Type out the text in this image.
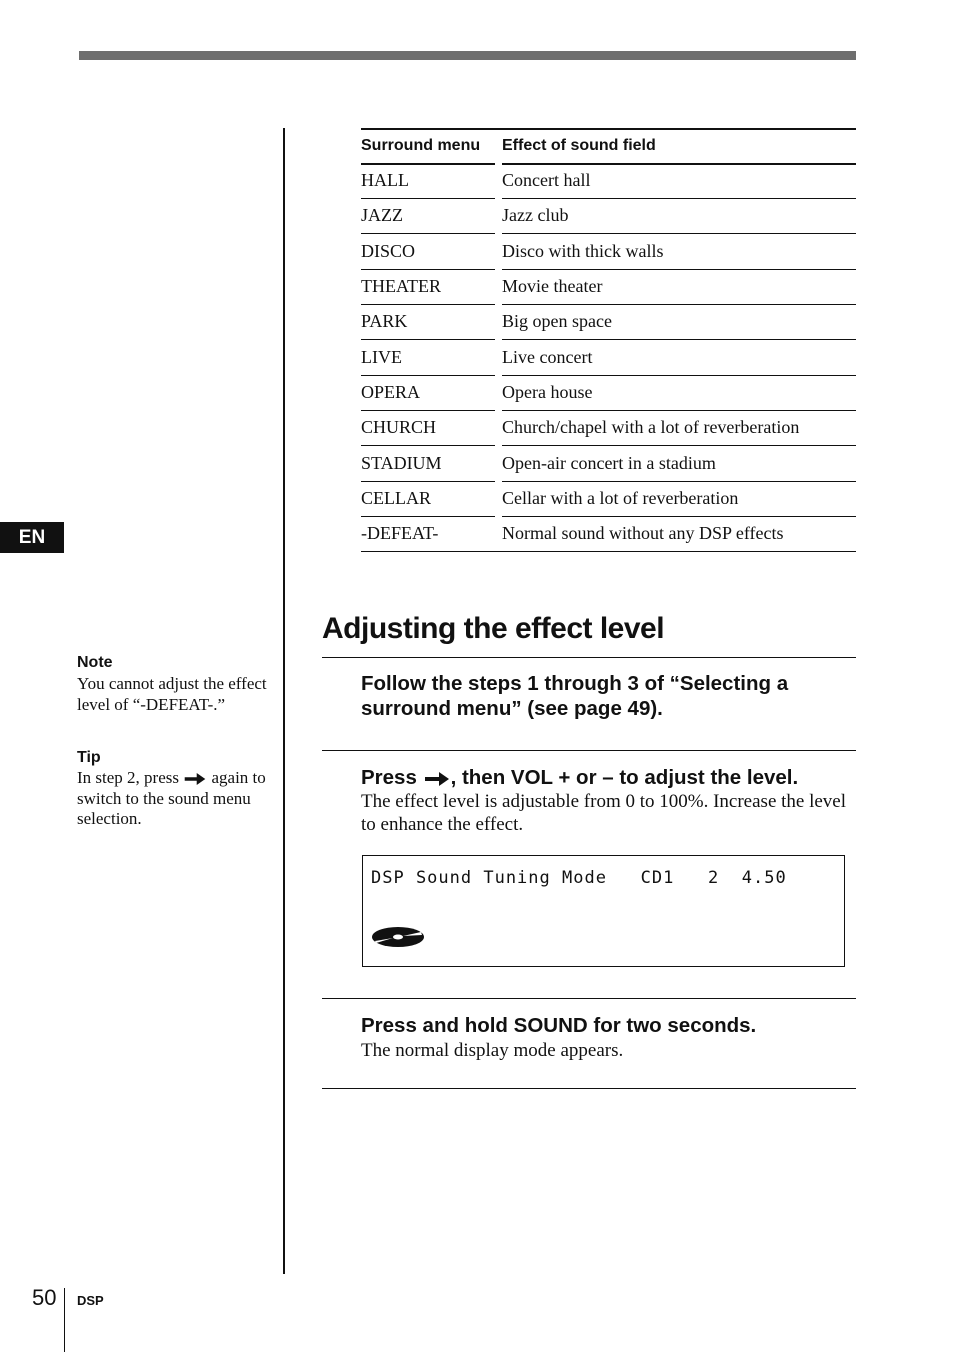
EN
Surround menu	Effect of sound field
HALL	Concert hall
JAZZ	Jazz club
DISCO	Disco with thick walls
THEATER	Movie theater
PARK	Big open space
LIVE	Live concert
OPERA	Opera house
CHURCH	Church/chapel with a lot of reverberation
STADIUM	Open-air concert in a stadium
CELLAR	Cellar with a lot of reverberation
-DEFEAT-	Normal sound without any DSP effects
Adjusting the effect level
Follow the steps 1 through 3 of “Selecting a surround menu” (see page 49).
Press , then VOL + or – to adjust the level.
The effect level is adjustable from 0 to 100%. Increase the level to enhance the effect.
DSP Sound Tuning Mode   CD1   2  4.50
Press and hold SOUND for two seconds.
The normal display mode appears.
Note
You cannot adjust the effect level of “-DEFEAT-.”
Tip
In step 2, press again to switch to the sound menu selection.
50 DSP
